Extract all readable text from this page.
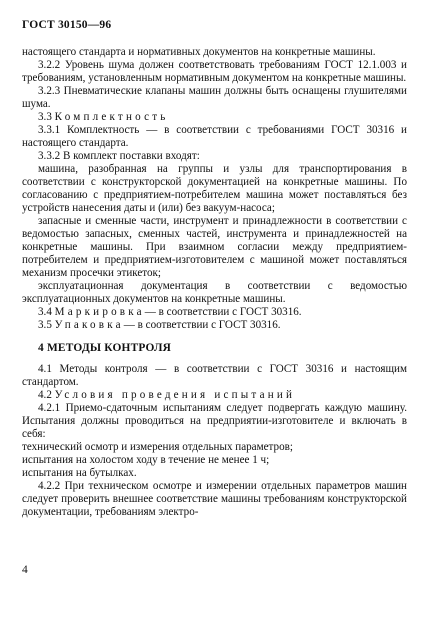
ГОСТ 30150—96

настоящего стандарта и нормативных документов на конкретные машины.

3.2.2 Уровень шума должен соответствовать требованиям ГОСТ 12.1.003 и требованиям, установленным нормативным документом на конкретные машины.

3.2.3 Пневматические клапаны машин должны быть оснащены глушителями шума.

3.3 Комплектность

3.3.1 Комплектность — в соответствии с требованиями ГОСТ 30316 и настоящего стандарта.

3.3.2 В комплект поставки входят:

машина, разобранная на группы и узлы для транспортирования в соответствии с конструкторской документацией на конкретные машины. По согласованию с предприятием-потребителем машина может поставляться без устройств нанесения даты и (или) без вакуум-насоса;

запасные и сменные части, инструмент и принадлежности в соответствии с ведомостью запасных, сменных частей, инструмента и принадлежностей на конкретные машины. При взаимном согласии между предприятием-потребителем и предприятием-изготовителем с машиной может поставляться механизм просечки этикеток;

эксплуатационная документация в соответствии с ведомостью эксплуатационных документов на конкретные машины.

3.4 Маркировка— в соответствии с ГОСТ 30316.

3.5 Упаковка— в соответствии с ГОСТ 30316.

4 МЕТОДЫ КОНТРОЛЯ

4.1 Методы контроля — в соответствии с ГОСТ 30316 и настоящим стандартом.

4.2 Условия проведения испытаний

4.2.1 Приемо-сдаточным испытаниям следует подвергать каждую машину. Испытания должны проводиться на предприятии-изготовителе и включать в себя:

технический осмотр и измерения отдельных параметров;

испытания на холостом ходу в течение не менее 1 ч;

испытания на бутылках.

4.2.2 При техническом осмотре и измерении отдельных параметров машин следует проверить внешнее соответствие машины требованиям конструкторской документации, требованиям электро-

4
